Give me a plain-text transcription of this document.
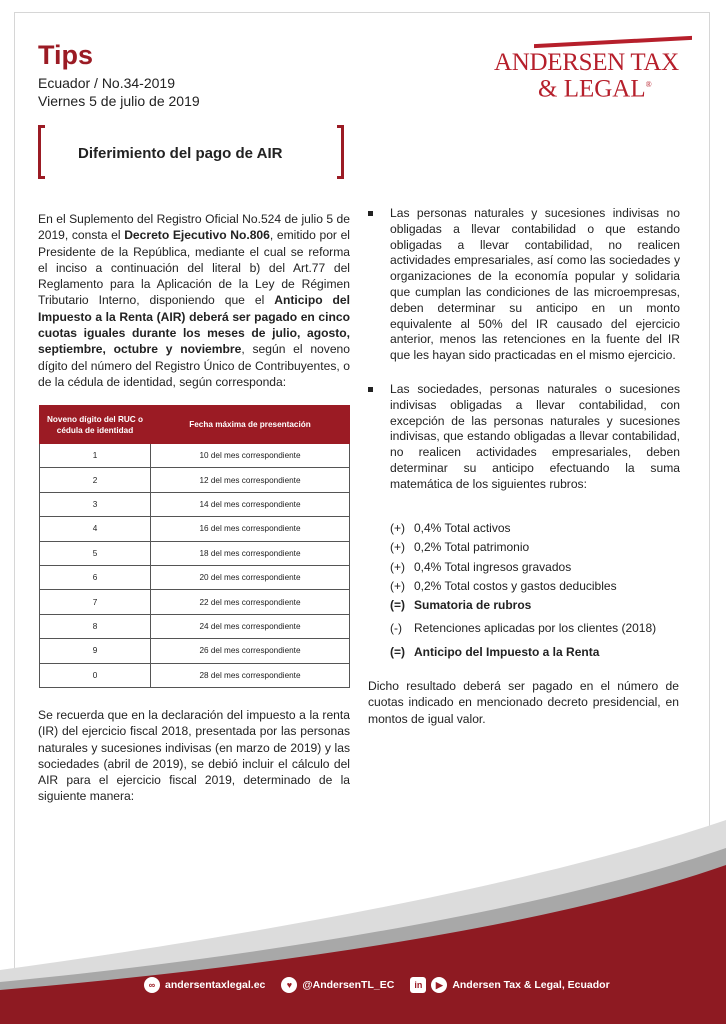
Tips
Ecuador / No.34-2019
Viernes 5 de julio de 2019
ANDERSEN TAX
& LEGAL®
Diferimiento del pago de AIR

En el Suplemento del Registro Oficial No.524 de julio 5 de 2019, consta el Decreto Ejecutivo No.806, emitido por el Presidente de la República, mediante el cual se reforma el inciso a continuación del literal b) del Art.77 del Reglamento para la Aplicación de la Ley de Régimen Tributario Interno, disponiendo que el Anticipo del Impuesto a la Renta (AIR) deberá ser pagado en cinco cuotas iguales durante los meses de julio, agosto, septiembre, octubre y noviembre, según el noveno dígito del número del Registro Único de Contribuyentes, o de la cédula de identidad, según corresponda:

Noveno dígito del RUC o cédula de identidad	Fecha máxima de presentación
1	10 del mes correspondiente
2	12 del mes correspondiente
3	14 del mes correspondiente
4	16 del mes correspondiente
5	18 del mes correspondiente
6	20 del mes correspondiente
7	22 del mes correspondiente
8	24 del mes correspondiente
9	26 del mes correspondiente
0	28 del mes correspondiente

Se recuerda que en la declaración del impuesto a la renta (IR) del ejercicio fiscal 2018, presentada por las personas naturales y sucesiones indivisas (en marzo de 2019) y las sociedades (abril de 2019), se debió incluir el cálculo del AIR para el ejercicio fiscal 2019, determinado de la siguiente manera:

Las personas naturales y sucesiones indivisas no obligadas a llevar contabilidad o que estando obligadas a llevar contabilidad, no realicen actividades empresariales, así como las sociedades y organizaciones de la economía popular y solidaria que cumplan las condiciones de las microempresas, deben determinar su anticipo en un monto equivalente al 50% del IR causado del ejercicio anterior, menos las retenciones en la fuente del IR que les hayan sido practicadas en el mismo ejercicio.
Las sociedades, personas naturales o sucesiones indivisas obligadas a llevar contabilidad, con excepción de las personas naturales y sucesiones indivisas, que estando obligadas a llevar contabilidad, no realicen actividades empresariales, deben determinar su anticipo efectuando la suma matemática de los siguientes rubros:
(+) 0,4% Total activos
(+) 0,2% Total patrimonio
(+) 0,4% Total ingresos gravados
(+) 0,2% Total costos y gastos deducibles
(=) Sumatoria de rubros
(-) Retenciones aplicadas por los clientes (2018)
(=) Anticipo del Impuesto a la Renta

Dicho resultado deberá ser pagado en el número de cuotas indicado en mencionado decreto presidencial, en montos de igual valor.

∞ andersentaxlegal.ec	♥ @AndersenTL_EC	in	▶ Andersen Tax & Legal, Ecuador
